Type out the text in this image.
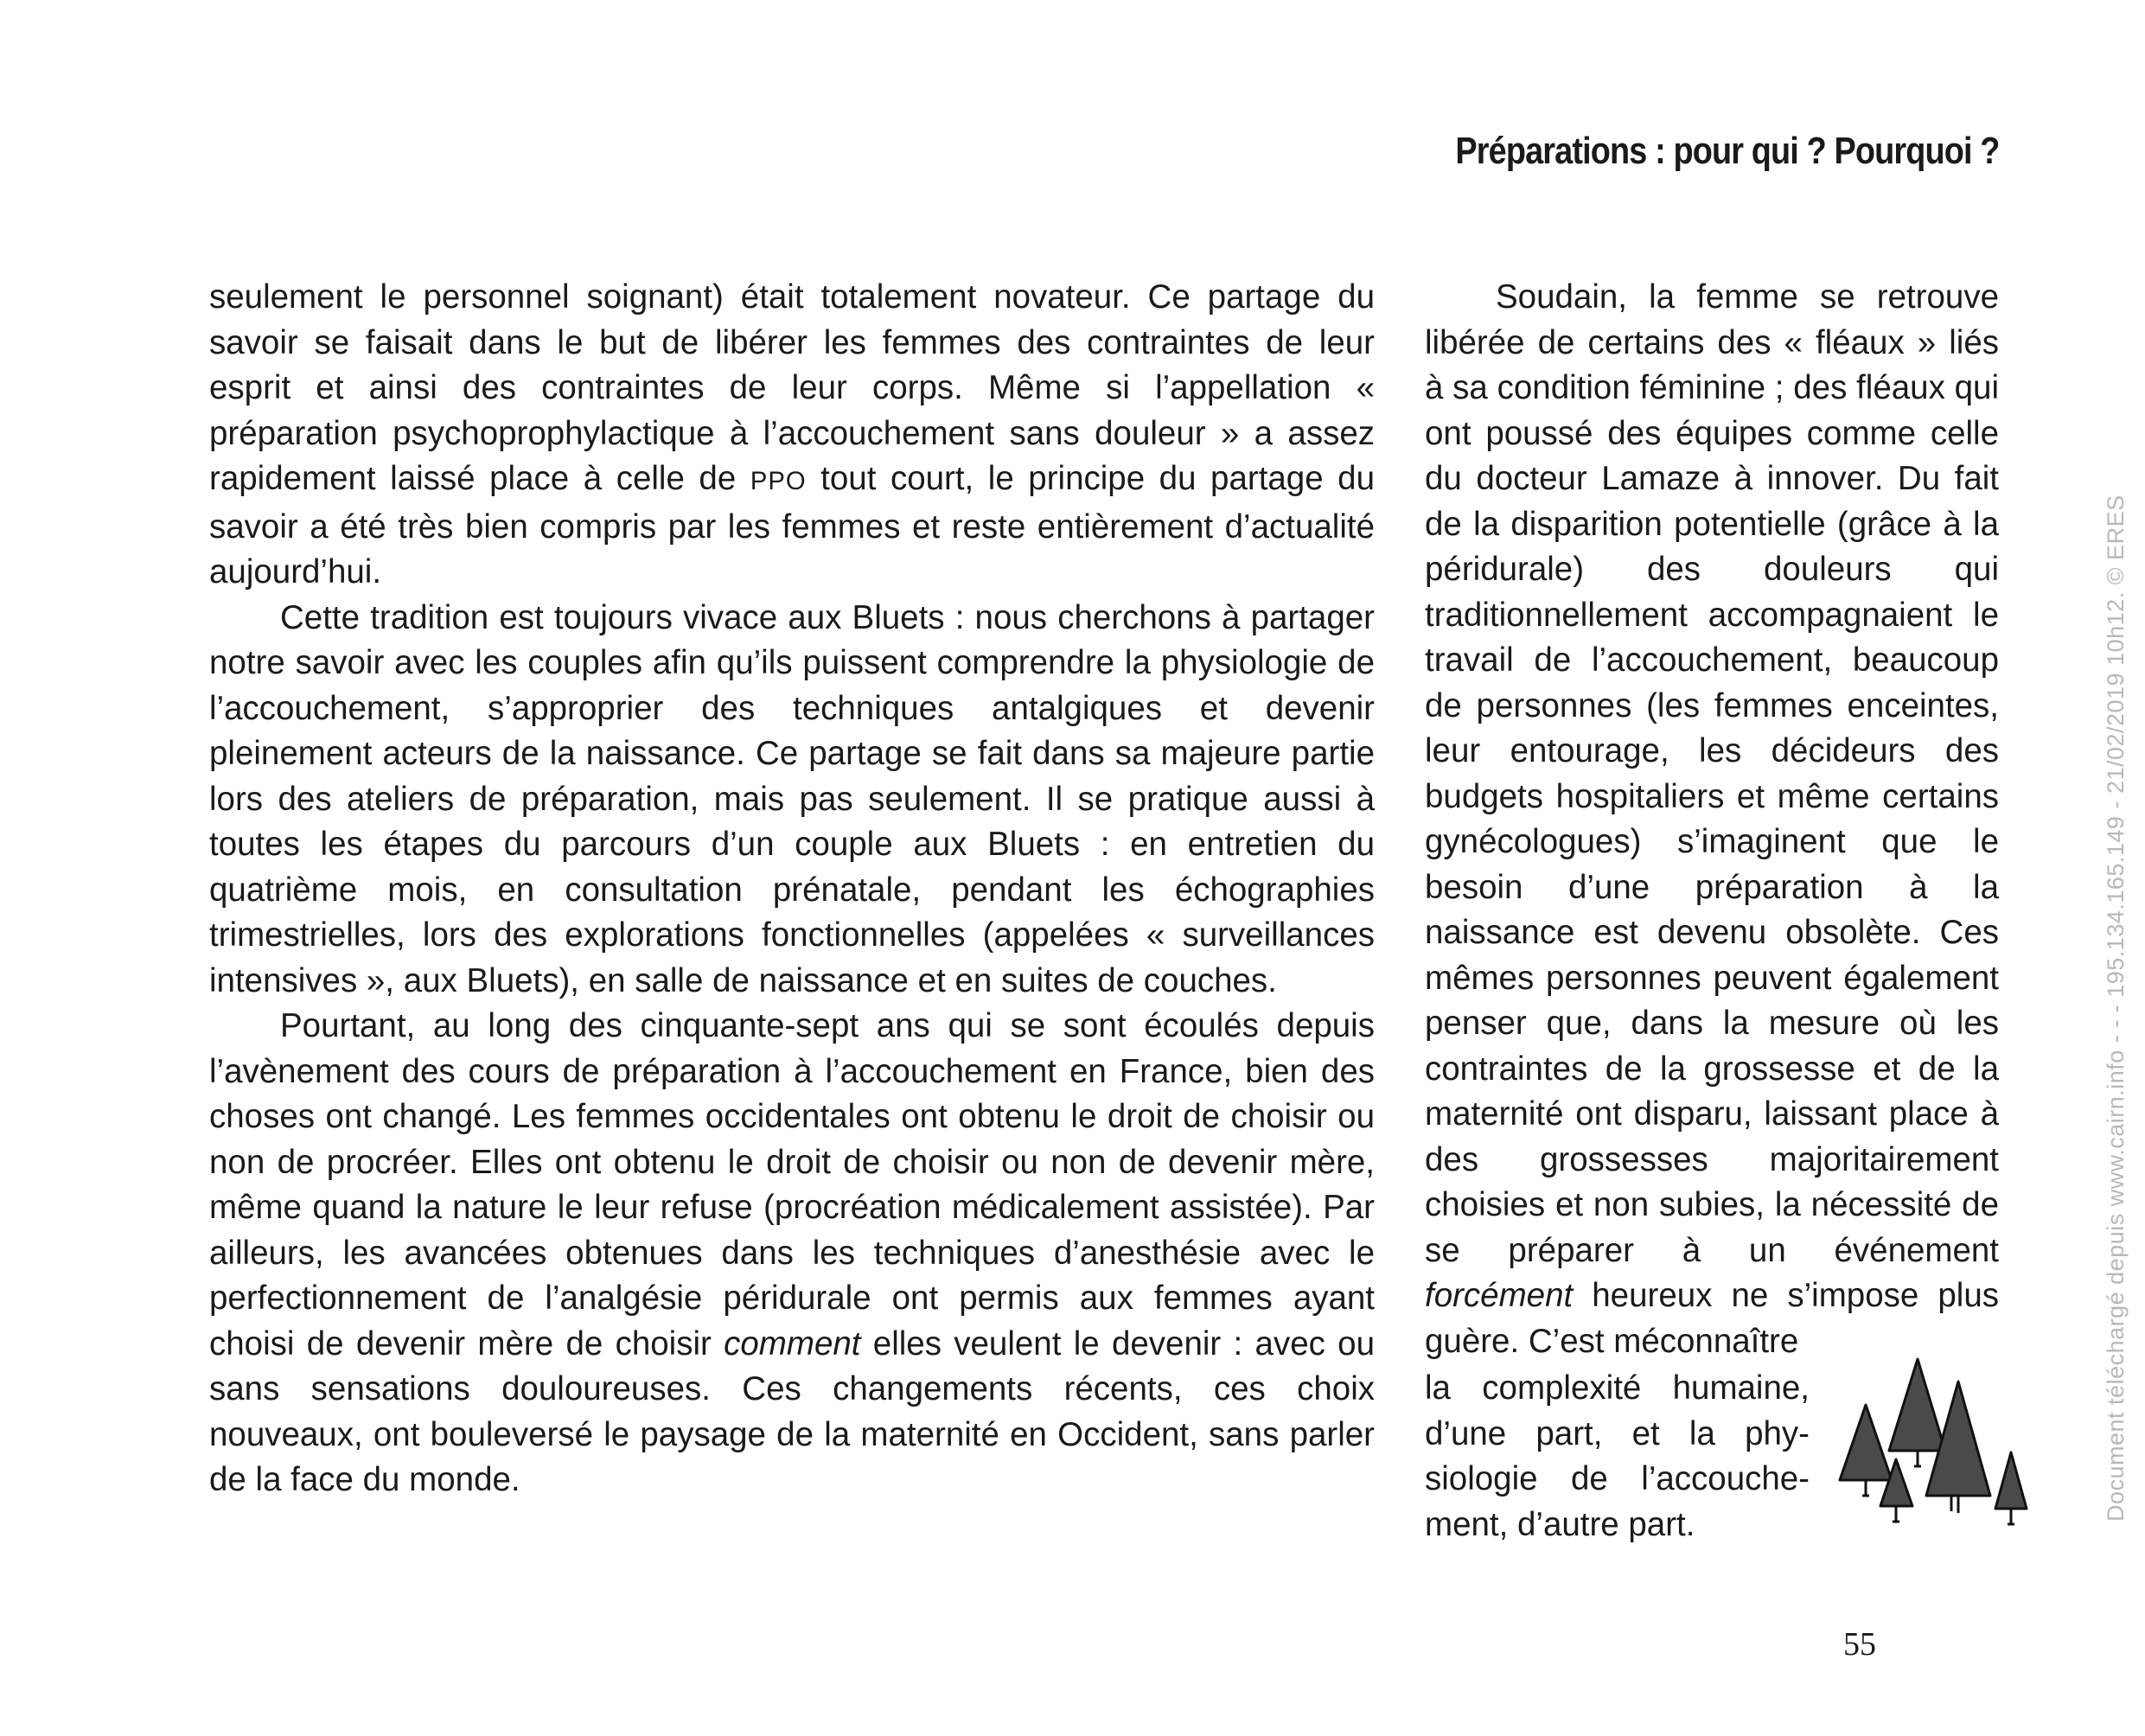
Préparations : pour qui ? Pourquoi ?

seulement le personnel soignant) était totalement novateur. Ce partage du savoir se faisait dans le but de libérer les femmes des contraintes de leur esprit et ainsi des contraintes de leur corps. Même si l’appellation « préparation psychoprophylactique à l’accouchement sans douleur » a assez rapidement laissé place à celle de PPO tout court, le principe du partage du savoir a été très bien compris par les femmes et reste entièrement d’actualité aujourd’hui.

Cette tradition est toujours vivace aux Bluets : nous cherchons à partager notre savoir avec les couples afin qu’ils puissent comprendre la physiologie de l’accouchement, s’approprier des techniques antalgiques et devenir pleinement acteurs de la naissance. Ce partage se fait dans sa majeure partie lors des ateliers de préparation, mais pas seulement. Il se pratique aussi à toutes les étapes du parcours d’un couple aux Bluets : en entretien du quatrième mois, en consultation prénatale, pendant les échographies trimestrielles, lors des explorations fonctionnelles (appelées « surveillances intensives », aux Bluets), en salle de naissance et en suites de couches.

Pourtant, au long des cinquante-sept ans qui se sont écoulés depuis l’avènement des cours de préparation à l’accouchement en France, bien des choses ont changé. Les femmes occidentales ont obtenu le droit de choisir ou non de procréer. Elles ont obtenu le droit de choisir ou non de devenir mère, même quand la nature le leur refuse (procréation médicalement assistée). Par ailleurs, les avancées obtenues dans les techniques d’anesthésie avec le perfectionnement de l’analgésie péridurale ont permis aux femmes ayant choisi de devenir mère de choisir comment elles veulent le devenir : avec ou sans sensations douloureuses. Ces changements récents, ces choix nouveaux, ont bouleversé le paysage de la maternité en Occident, sans parler de la face du monde.

Soudain, la femme se retrouve libérée de certains des « fléaux » liés à sa condition féminine ; des fléaux qui ont poussé des équipes comme celle du docteur Lamaze à innover. Du fait de la disparition potentielle (grâce à la péridurale) des douleurs qui traditionnellement accompagnaient le travail de l’accouchement, beaucoup de personnes (les femmes enceintes, leur entourage, les décideurs des budgets hospitaliers et même certains gynécologues) s’imaginent que le besoin d’une préparation à la naissance est devenu obsolète. Ces mêmes personnes peuvent également penser que, dans la mesure où les contraintes de la grossesse et de la maternité ont disparu, laissant place à des grossesses majoritairement choisies et non subies, la nécessité de se préparer à un événement forcément heureux ne s’impose plus guère. C’est méconnaître

la complexité humaine,
d’une part, et la phy-
siologie de l’accouche-
ment, d’autre part.
55
Document téléchargé depuis www.cairn.info - - - 195.134.165.149 - 21/02/2019 10h12. © ERES
